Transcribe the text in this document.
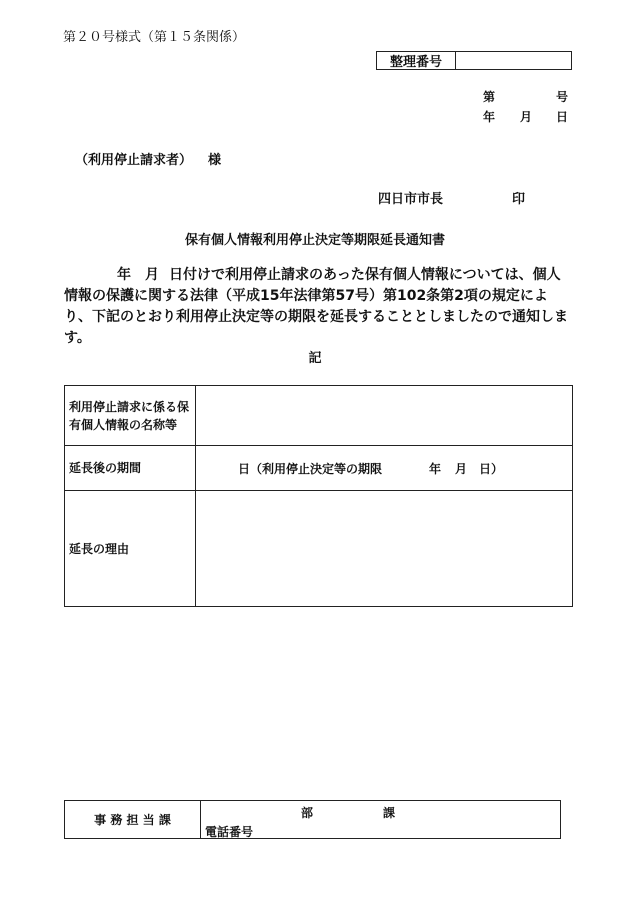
第２０号様式（第１５条関係）
整理番号
第	号
年 月 日
（利用停止請求者） 様
四日市市長	印
保有個人情報利用停止決定等期限延長通知書
年 月 日付けで利用停止請求のあった保有個人情報については、個人情報の保護に関する法律（平成15年法律第57号）第102条第2項の規定により、下記のとおり利用停止決定等の期限を延長することとしましたので通知します。
記
利用停止請求に係る保有個人情報の名称等	
延長後の期間	日（利用停止決定等の期限 年 月 日）

延長の理由	
事 務 担 当 課	部	課
電話番号
